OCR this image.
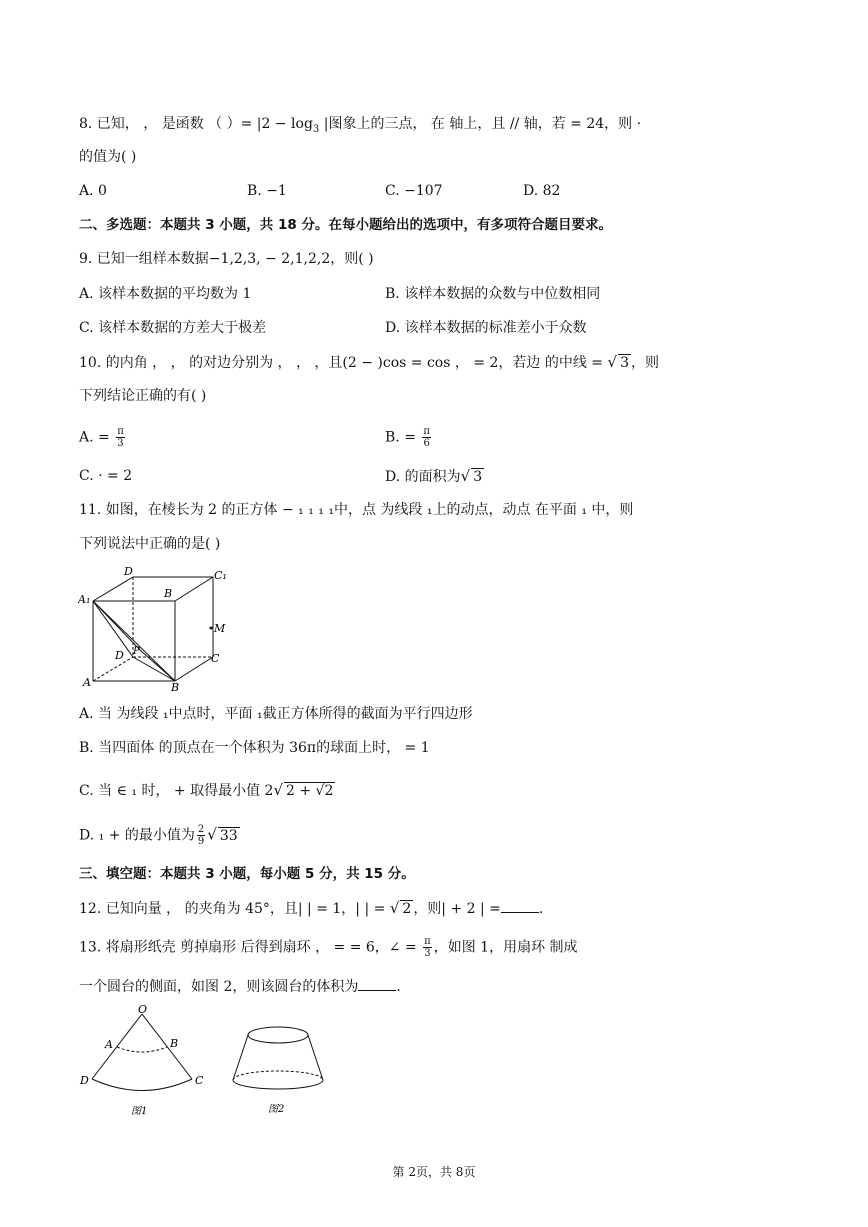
8. 已知， ， 是函数 （ ）= $|2 - \log_3$ |图象上的三点， 在 轴上，且 // 轴，若 = 24，则 ·
的值为( )
A. 0	B. −1	C. −107	D. 82
二、多选题：本题共 3 小题，共 18 分。在每小题给出的选项中，有多项符合题目要求。
9. 已知一组样本数据−1,2,3, − 2,1,2,2，则( )
A. 该样本数据的平均数为 1	B. 该样本数据的众数与中位数相同
C. 该样本数据的方差大于极差	D. 该样本数据的标准差小于众数
10. 的内角 ， ， 的对边分别为 ， ， ，且(2 − )cos = cos ， = 2，若边 的中线 = √ 3 ，则
下列结论正确的有( )
A. = $\frac{\pi}{3}$	B. = $\frac{\pi}{6}$
C. · = 2	D. 的面积为√ 3
11. 如图，在棱长为 2 的正方体 − ₁ ₁ ₁ ₁中，点 为线段 ₁上的动点，动点 在平面 ₁ 中，则
下列说法中正确的是( )
D	C₁
A₁	B
M
D P
C
A	B
A. 当 为线段 ₁中点时，平面 ₁截正方体所得的截面为平行四边形
B. 当四面体 的顶点在一个体积为 36π的球面上时， = 1
C. 当 ∈ ₁ 时， + 取得最小值 2√ 2 + √2
D. ₁ + 的最小值为 $\frac{2}{9}$ √ 33
三、填空题：本题共 3 小题，每小题 5 分，共 15 分。
12. 已知向量 ， 的夹角为 45°，且| | = 1，| | = √ 2 ，则| + 2 | =	.
13. 将扇形纸壳 剪掉扇形 后得到扇环 ， = = 6，∠ = $\frac{\pi}{3}$ ，如图 1，用扇环 制成
一个圆台的侧面，如图 2，则该圆台的体积为	.
O
A	B
D	C
图1	图2
第 2页，共 8页
